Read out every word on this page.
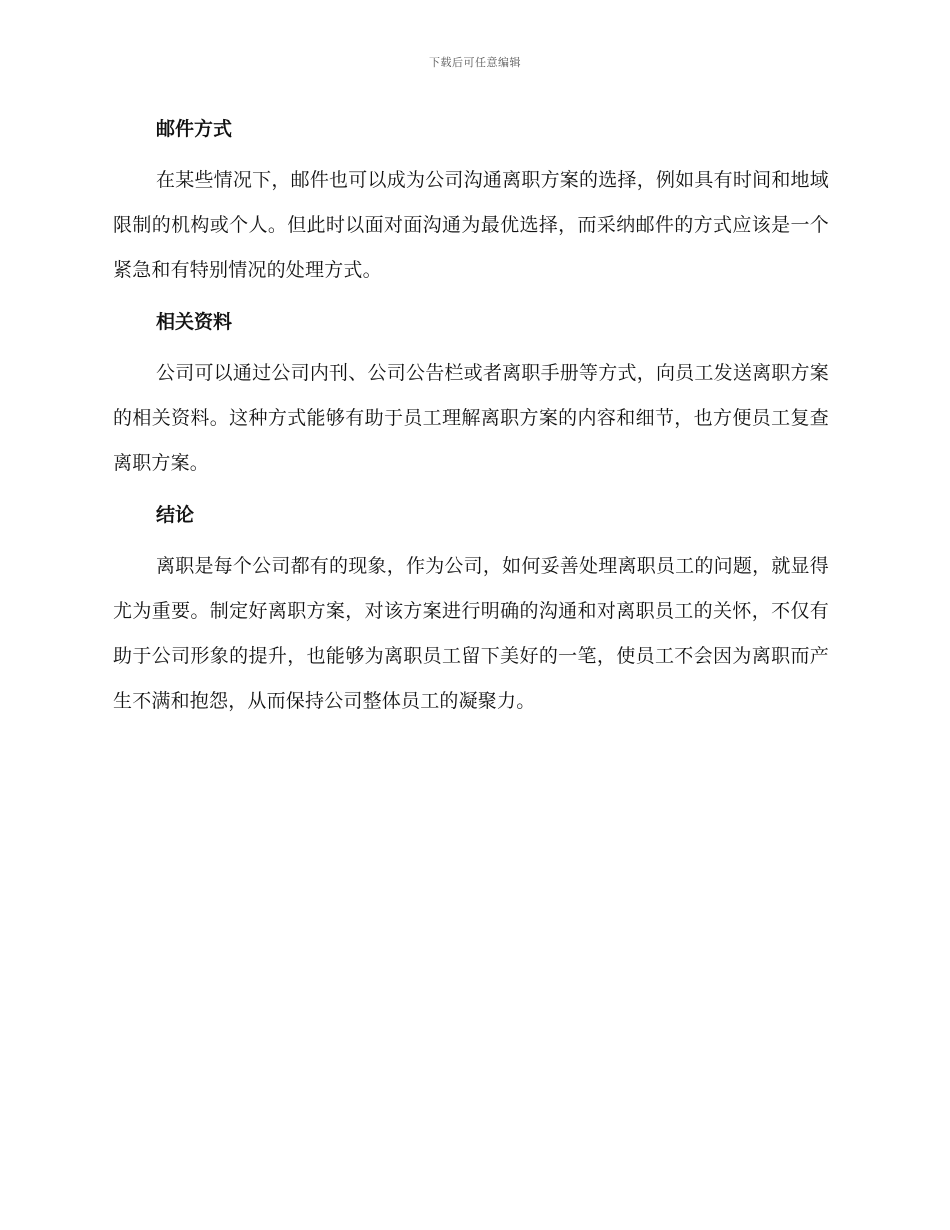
下载后可任意编辑
邮件方式

在某些情况下，邮件也可以成为公司沟通离职方案的选择，例如具有时间和地域限制的机构或个人。但此时以面对面沟通为最优选择，而采纳邮件的方式应该是一个紧急和有特别情况的处理方式。

相关资料

公司可以通过公司内刊、公司公告栏或者离职手册等方式，向员工发送离职方案的相关资料。这种方式能够有助于员工理解离职方案的内容和细节，也方便员工复查离职方案。

结论

离职是每个公司都有的现象，作为公司，如何妥善处理离职员工的问题，就显得尤为重要。制定好离职方案，对该方案进行明确的沟通和对离职员工的关怀，不仅有助于公司形象的提升，也能够为离职员工留下美好的一笔，使员工不会因为离职而产生不满和抱怨，从而保持公司整体员工的凝聚力。
